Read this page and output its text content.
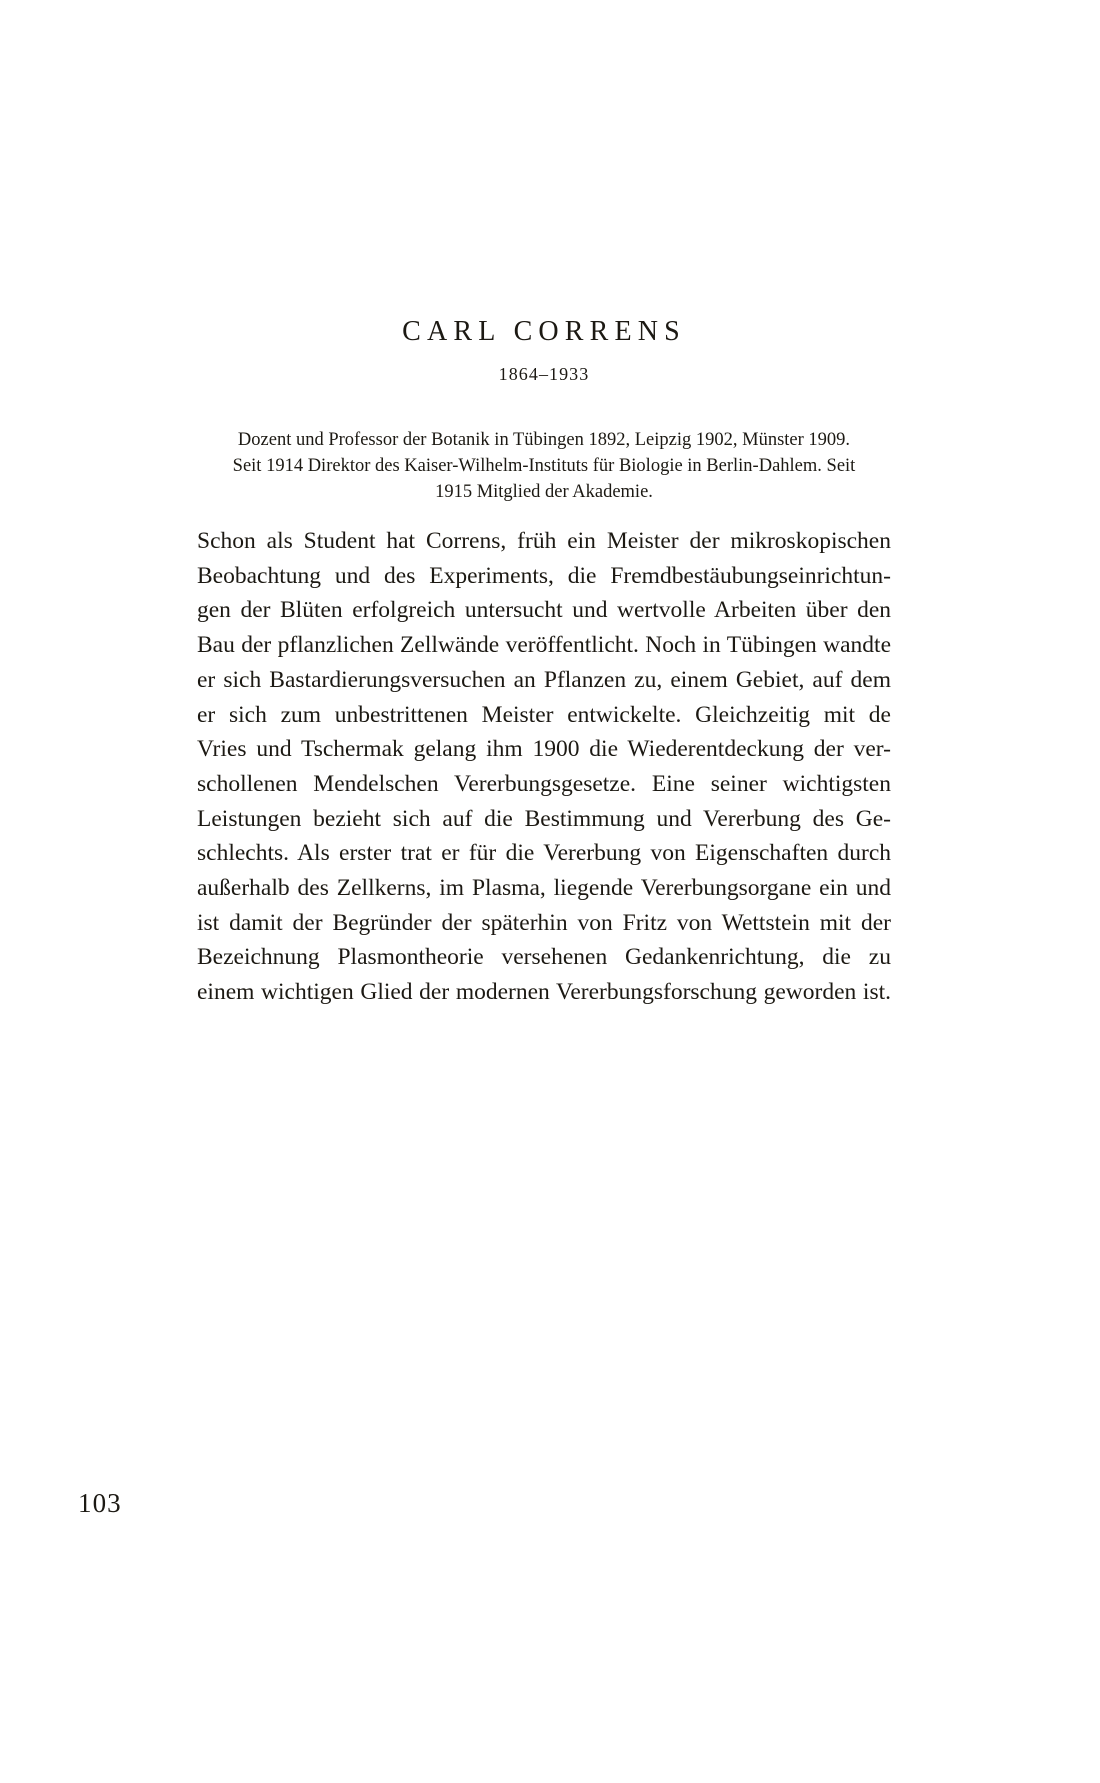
CARL CORRENS
1864–1933
Dozent und Professor der Botanik in Tübingen 1892, Leipzig 1902, Münster 1909.
Seit 1914 Direktor des Kaiser-Wilhelm-Instituts für Biologie in Berlin-Dahlem. Seit
1915 Mitglied der Akademie.
Schon als Student hat Correns, früh ein Meister der mikroskopischen
Beobachtung und des Experiments, die Fremdbestäubungseinrichtun-
gen der Blüten erfolgreich untersucht und wertvolle Arbeiten über den
Bau der pflanzlichen Zellwände veröffentlicht. Noch in Tübingen wandte
er sich Bastardierungsversuchen an Pflanzen zu, einem Gebiet, auf dem
er sich zum unbestrittenen Meister entwickelte. Gleichzeitig mit de
Vries und Tschermak gelang ihm 1900 die Wiederentdeckung der ver-
schollenen Mendelschen Vererbungsgesetze. Eine seiner wichtigsten
Leistungen bezieht sich auf die Bestimmung und Vererbung des Ge-
schlechts. Als erster trat er für die Vererbung von Eigenschaften durch
außerhalb des Zellkerns, im Plasma, liegende Vererbungsorgane ein und
ist damit der Begründer der späterhin von Fritz von Wettstein mit der
Bezeichnung Plasmontheorie versehenen Gedankenrichtung, die zu
einem wichtigen Glied der modernen Vererbungsforschung geworden ist.
103
